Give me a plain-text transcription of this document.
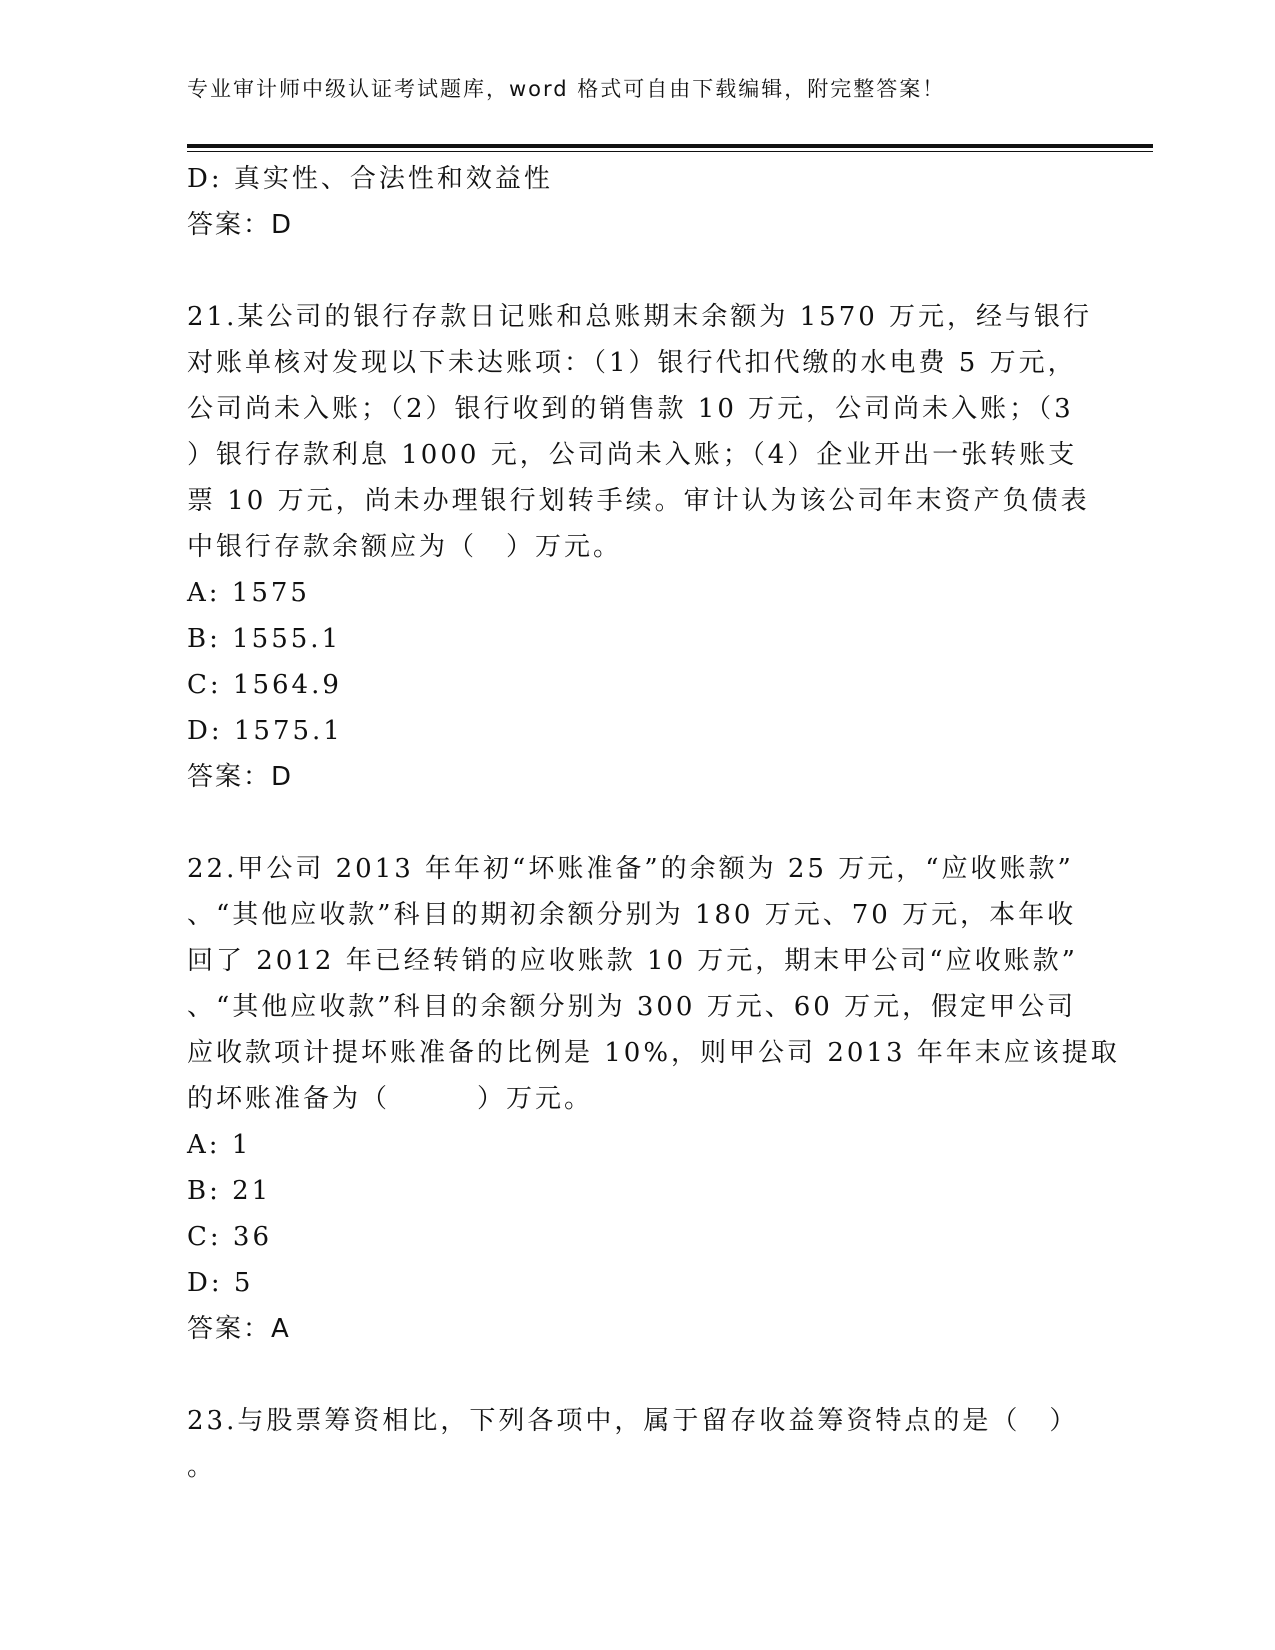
专业审计师中级认证考试题库，word 格式可自由下载编辑，附完整答案！
D: 真实性、合法性和效益性
答案：D
21.某公司的银行存款日记账和总账期末余额为 1570 万元，经与银行
对账单核对发现以下未达账项：（1）银行代扣代缴的水电费 5 万元，
公司尚未入账；（2）银行收到的销售款 10 万元，公司尚未入账；（3
）银行存款利息 1000 元，公司尚未入账；（4）企业开出一张转账支
票 10 万元，尚未办理银行划转手续。审计认为该公司年末资产负债表
中银行存款余额应为（　）万元。
A: 1575
B: 1555.1
C: 1564.9
D: 1575.1
答案：D
22.甲公司 2013 年年初“坏账准备”的余额为 25 万元，“应收账款”
、“其他应收款”科目的期初余额分别为 180 万元、70 万元，本年收
回了 2012 年已经转销的应收账款 10 万元，期末甲公司“应收账款”
、“其他应收款”科目的余额分别为 300 万元、60 万元，假定甲公司
应收款项计提坏账准备的比例是 10%，则甲公司 2013 年年末应该提取
的坏账准备为（　　　）万元。
A: 1
B: 21
C: 36
D: 5
答案：A
23.与股票筹资相比，下列各项中，属于留存收益筹资特点的是（　）
。
